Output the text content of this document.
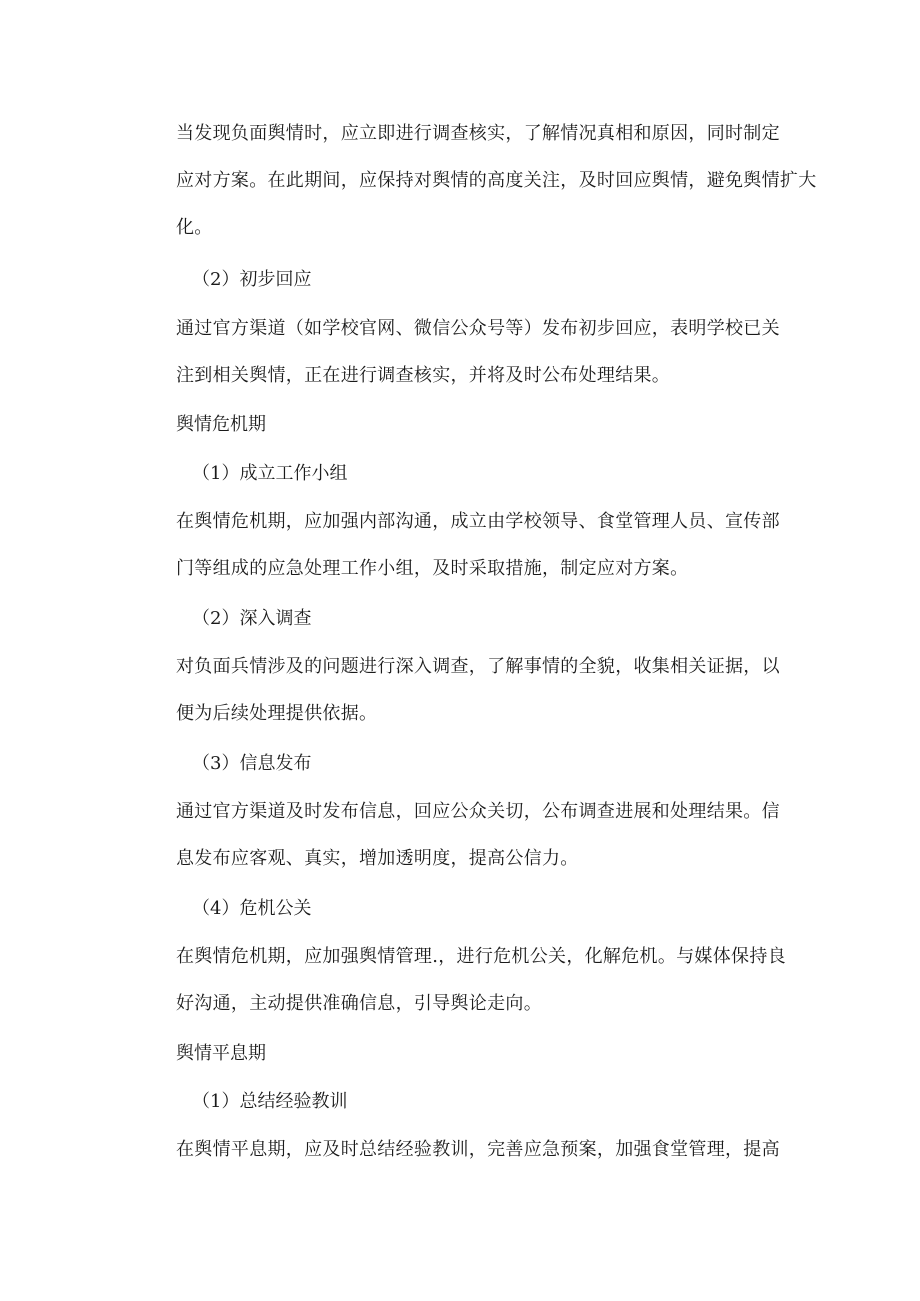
当发现负面舆情时，应立即进行调查核实，了解情况真相和原因，同时制定
应对方案。在此期间，应保持对舆情的高度关注，及时回应舆情，避免舆情扩大
化。
（2）初步回应
通过官方渠道（如学校官网、微信公众号等）发布初步回应，表明学校已关
注到相关舆情，正在进行调查核实，并将及时公布处理结果。
舆情危机期
（1）成立工作小组
在舆情危机期，应加强内部沟通，成立由学校领导、食堂管理人员、宣传部
门等组成的应急处理工作小组，及时采取措施，制定应对方案。
（2）深入调查
对负面兵情涉及的问题进行深入调查，了解事情的全貌，收集相关证据，以
便为后续处理提供依据。
（3）信息发布
通过官方渠道及时发布信息，回应公众关切，公布调查进展和处理结果。信
息发布应客观、真实，增加透明度，提高公信力。
（4）危机公关
在舆情危机期，应加强舆情管理.，进行危机公关，化解危机。与媒体保持良
好沟通，主动提供准确信息，引导舆论走向。
舆情平息期
（1）总结经验教训
在舆情平息期，应及时总结经验教训，完善应急预案，加强食堂管理，提高
